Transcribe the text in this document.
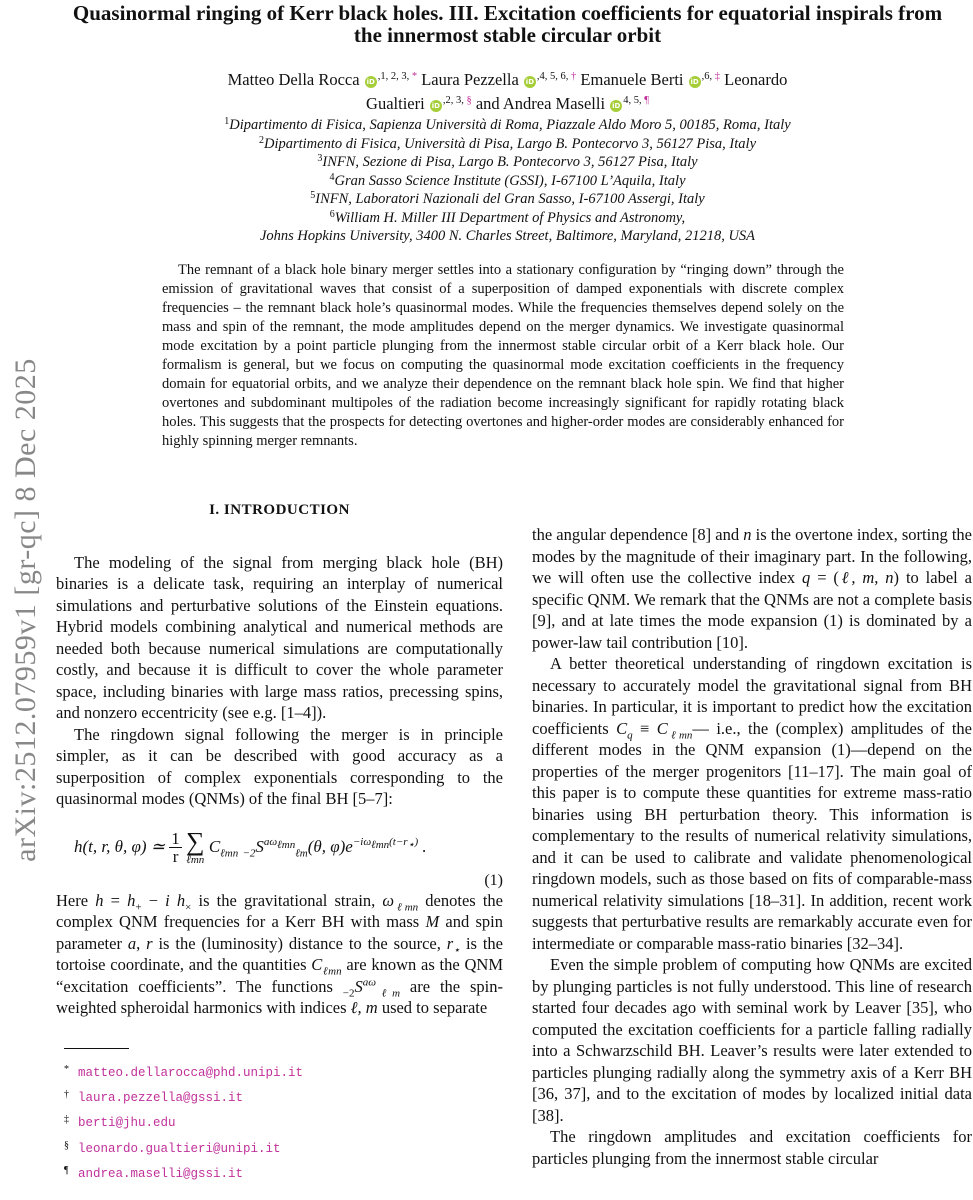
arXiv:2512.07959v1 [gr-qc] 8 Dec 2025
Quasinormal ringing of Kerr black holes. III. Excitation coefficients for equatorial inspirals from the innermost stable circular orbit
Matteo Della Rocca iD $^{,1, 2, 3,}$ * Laura Pezzella iD $^{,4, 5, 6,}$ † Emanuele Berti iD $^{,6,}$ ‡ Leonardo Gualtieri iD $^{,2, 3,}$ § and Andrea Maselli iD $^{4, 5,}$ ¶
$^1$Dipartimento di Fisica, Sapienza Università di Roma, Piazzale Aldo Moro 5, 00185, Roma, Italy
$^2$Dipartimento di Fisica, Università di Pisa, Largo B. Pontecorvo 3, 56127 Pisa, Italy
$^3$INFN, Sezione di Pisa, Largo B. Pontecorvo 3, 56127 Pisa, Italy
$^4$Gran Sasso Science Institute (GSSI), I-67100 L’Aquila, Italy
$^5$INFN, Laboratori Nazionali del Gran Sasso, I-67100 Assergi, Italy
$^6$William H. Miller III Department of Physics and Astronomy,
Johns Hopkins University, 3400 N. Charles Street, Baltimore, Maryland, 21218, USA

The remnant of a black hole binary merger settles into a stationary configuration by “ringing down” through the emission of gravitational waves that consist of a superposition of damped exponentials with discrete complex frequencies – the remnant black hole’s quasinormal modes. While the frequencies themselves depend solely on the mass and spin of the remnant, the mode amplitudes depend on the merger dynamics. We investigate quasinormal mode excitation by a point particle plunging from the innermost stable circular orbit of a Kerr black hole. Our formalism is general, but we focus on computing the quasinormal mode excitation coefficients in the frequency domain for equatorial orbits, and we analyze their dependence on the remnant black hole spin. We find that higher overtones and subdominant multipoles of the radiation become increasingly significant for rapidly rotating black holes. This suggests that the prospects for detecting overtones and higher-order modes are considerably enhanced for highly spinning merger remnants.

I. INTRODUCTION

The modeling of the signal from merging black hole (BH) binaries is a delicate task, requiring an interplay of numerical simulations and perturbative solutions of the Einstein equations. Hybrid models combining analytical and numerical methods are needed both because numerical simulations are computationally costly, and because it is difficult to cover the whole parameter space, including binaries with large mass ratios, precessing spins, and nonzero eccentricity (see e.g. [1–4]).

The ringdown signal following the merger is in principle simpler, as it can be described with good accuracy as a superposition of complex exponentials corresponding to the quasinormal modes (QNMs) of the final BH [5–7]:

h(t, r, θ, φ) ≃ $\frac{1}{r}$ ∑
ℓmn
$C_{\ell mn}$ $_{-2}S^{a\omega_{\ell mn}}_{\ell m}(\theta$, $\varphi)e^{-i\omega_{\ell mn}(t-r_⋆)}$ .
(1)

Here $h = h_+ - i$ $h_\times$ is the gravitational strain, $\omega_{\ell mn}$ denotes the complex QNM frequencies for a Kerr BH with mass M and spin parameter a, r is the (luminosity) distance to the source, $r_⋆$ is the tortoise coordinate, and the quantities $C_{\ell mn}$ are known as the QNM “excitation coefficients”. The functions $_{-2}S^{a\omega}_{\ell m}$ are the spin-weighted spheroidal harmonics with indices ℓ, m used to separate

the angular dependence [8] and n is the overtone index, sorting the modes by the magnitude of their imaginary part. In the following, we will often use the collective index q = (ℓ, m, n) to label a specific QNM. We remark that the QNMs are not a complete basis [9], and at late times the mode expansion (1) is dominated by a power-law tail contribution [10].

A better theoretical understanding of ringdown excitation is necessary to accurately model the gravitational signal from BH binaries. In particular, it is important to predict how the excitation coefficients $C_q$ ≡ $C_{\ell mn}—$ i.e., the (complex) amplitudes of the different modes in the QNM expansion (1)—depend on the properties of the merger progenitors [11–17]. The main goal of this paper is to compute these quantities for extreme mass-ratio binaries using BH perturbation theory. This information is complementary to the results of numerical relativity simulations, and it can be used to calibrate and validate phenomenological ringdown models, such as those based on fits of comparable-mass numerical relativity simulations [18–31]. In addition, recent work suggests that perturbative results are remarkably accurate even for intermediate or comparable mass-ratio binaries [32–34].

Even the simple problem of computing how QNMs are excited by plunging particles is not fully understood. This line of research started four decades ago with seminal work by Leaver [35], who computed the excitation coefficients for a particle falling radially into a Schwarzschild BH. Leaver’s results were later extended to particles plunging radially along the symmetry axis of a Kerr BH [36, 37], and to the excitation of modes by localized initial data [38].

The ringdown amplitudes and excitation coefficients for particles plunging from the innermost stable circular

* matteo.dellarocca@phd.unipi.it
† laura.pezzella@gssi.it
‡ berti@jhu.edu
§ leonardo.gualtieri@unipi.it
¶ andrea.maselli@gssi.it
